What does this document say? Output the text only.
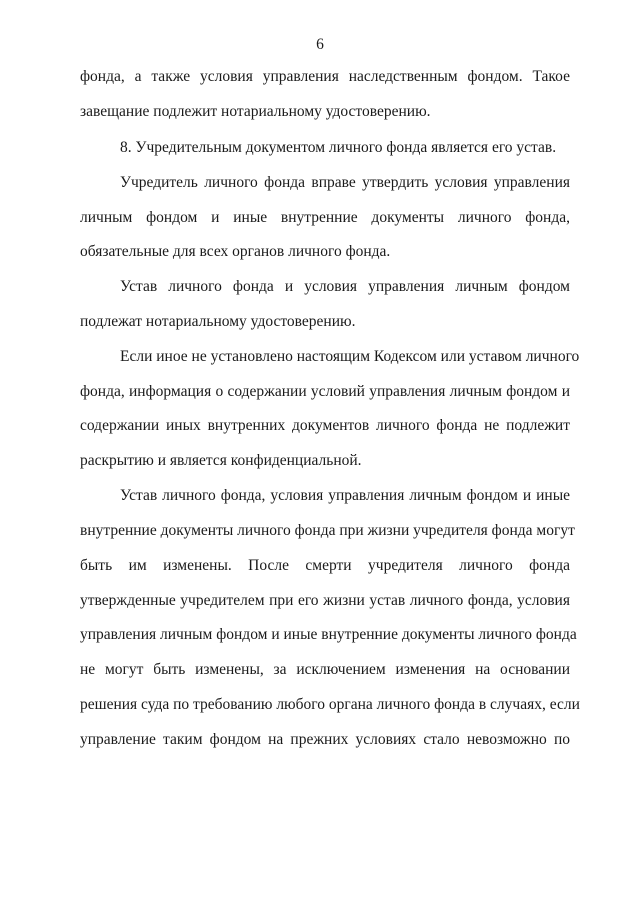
6
фонда, а также условия управления наследственным фондом. Такое
завещание подлежит нотариальному удостоверению.
8. Учредительным документом личного фонда является его устав.
Учредитель личного фонда вправе утвердить условия управления
личным фондом и иные внутренние документы личного фонда,
обязательные для всех органов личного фонда.
Устав личного фонда и условия управления личным фондом
подлежат нотариальному удостоверению.
Если иное не установлено настоящим Кодексом или уставом личного
фонда, информация о содержании условий управления личным фондом и
содержании иных внутренних документов личного фонда не подлежит
раскрытию и является конфиденциальной.
Устав личного фонда, условия управления личным фондом и иные
внутренние документы личного фонда при жизни учредителя фонда могут
быть им изменены. После смерти учредителя личного фонда
утвержденные учредителем при его жизни устав личного фонда, условия
управления личным фондом и иные внутренние документы личного фонда
не могут быть изменены, за исключением изменения на основании
решения суда по требованию любого органа личного фонда в случаях, если
управление таким фондом на прежних условиях стало невозможно по
